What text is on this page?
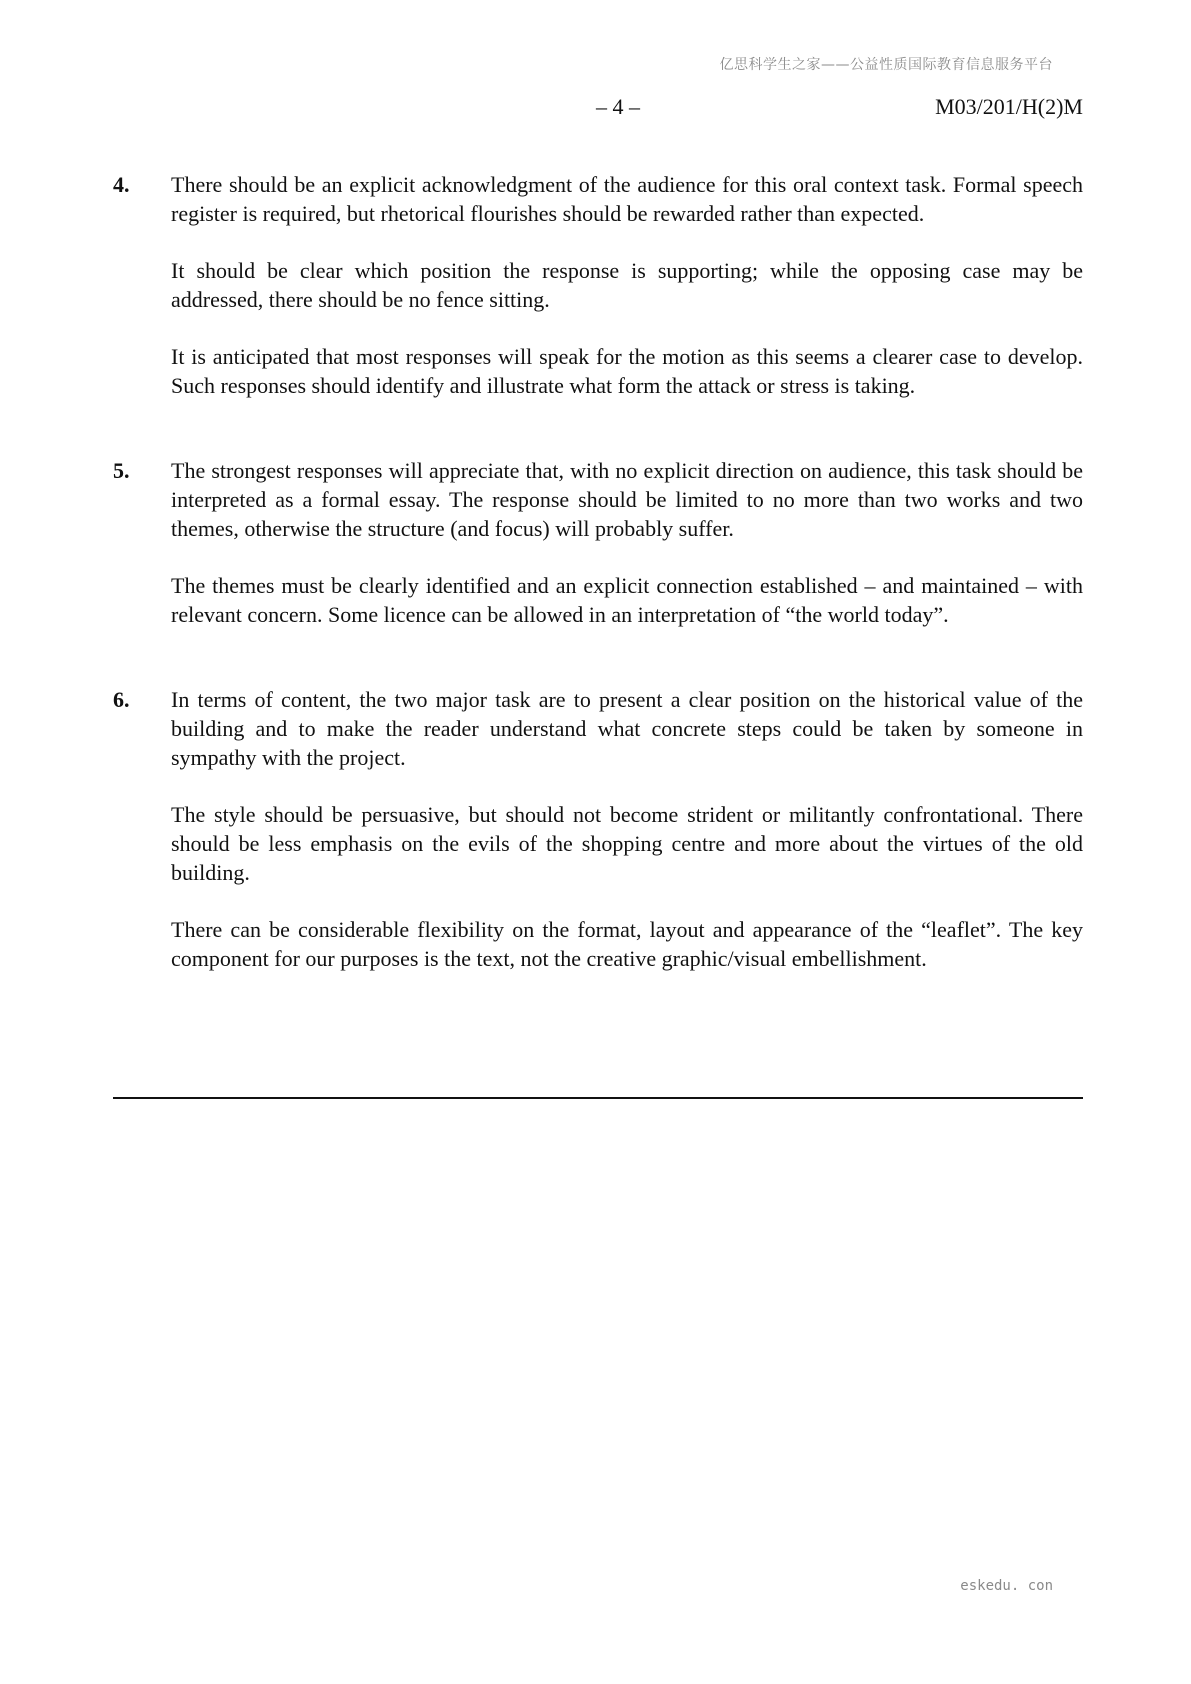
亿思科学生之家——公益性质国际教育信息服务平台
– 4 –	M03/201/H(2)M
4.	There should be an explicit acknowledgment of the audience for this oral context task. Formal speech register is required, but rhetorical flourishes should be rewarded rather than expected.

It should be clear which position the response is supporting; while the opposing case may be addressed, there should be no fence sitting.

It is anticipated that most responses will speak for the motion as this seems a clearer case to develop. Such responses should identify and illustrate what form the attack or stress is taking.

5.	The strongest responses will appreciate that, with no explicit direction on audience, this task should be interpreted as a formal essay. The response should be limited to no more than two works and two themes, otherwise the structure (and focus) will probably suffer.

The themes must be clearly identified and an explicit connection established – and maintained – with relevant concern. Some licence can be allowed in an interpretation of “the world today”.

6.	In terms of content, the two major task are to present a clear position on the historical value of the building and to make the reader understand what concrete steps could be taken by someone in sympathy with the project.

The style should be persuasive, but should not become strident or militantly confrontational. There should be less emphasis on the evils of the shopping centre and more about the virtues of the old building.

There can be considerable flexibility on the format, layout and appearance of the “leaflet”. The key component for our purposes is the text, not the creative graphic/visual embellishment.

eskedu. con
